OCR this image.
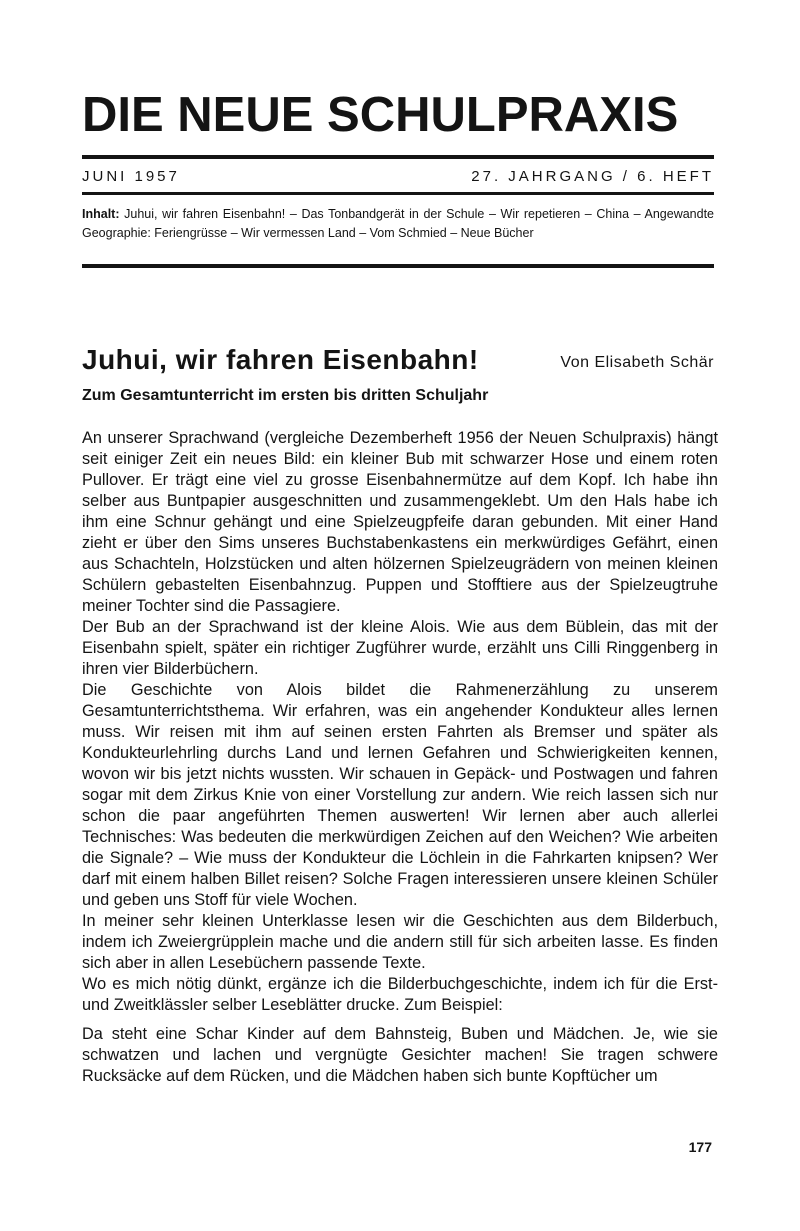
DIE NEUE SCHULPRAXIS
JUNI 1957	27. JAHRGANG / 6. HEFT
Inhalt: Juhui, wir fahren Eisenbahn! – Das Tonbandgerät in der Schule – Wir repetieren – China – Angewandte Geographie: Feriengrüsse – Wir vermessen Land – Vom Schmied – Neue Bücher
Juhui, wir fahren Eisenbahn!	Von Elisabeth Schär
Zum Gesamtunterricht im ersten bis dritten Schuljahr

An unserer Sprachwand (vergleiche Dezemberheft 1956 der Neuen Schulpraxis) hängt seit einiger Zeit ein neues Bild: ein kleiner Bub mit schwarzer Hose und einem roten Pullover. Er trägt eine viel zu grosse Eisenbahnermütze auf dem Kopf. Ich habe ihn selber aus Buntpapier ausgeschnitten und zusammengeklebt. Um den Hals habe ich ihm eine Schnur gehängt und eine Spielzeugpfeife daran gebunden. Mit einer Hand zieht er über den Sims unseres Buchstabenkastens ein merkwürdiges Gefährt, einen aus Schachteln, Holzstücken und alten hölzernen Spielzeugrädern von meinen kleinen Schülern gebastelten Eisenbahnzug. Puppen und Stofftiere aus der Spielzeugtruhe meiner Tochter sind die Passagiere.

Der Bub an der Sprachwand ist der kleine Alois. Wie aus dem Büblein, das mit der Eisenbahn spielt, später ein richtiger Zugführer wurde, erzählt uns Cilli Ringgenberg in ihren vier Bilderbüchern.

Die Geschichte von Alois bildet die Rahmenerzählung zu unserem Gesamtunterrichtsthema. Wir erfahren, was ein angehender Kondukteur alles lernen muss. Wir reisen mit ihm auf seinen ersten Fahrten als Bremser und später als Kondukteurlehrling durchs Land und lernen Gefahren und Schwierigkeiten kennen, wovon wir bis jetzt nichts wussten. Wir schauen in Gepäck- und Postwagen und fahren sogar mit dem Zirkus Knie von einer Vorstellung zur andern. Wie reich lassen sich nur schon die paar angeführten Themen auswerten! Wir lernen aber auch allerlei Technisches: Was bedeuten die merkwürdigen Zeichen auf den Weichen? Wie arbeiten die Signale? – Wie muss der Kondukteur die Löchlein in die Fahrkarten knipsen? Wer darf mit einem halben Billet reisen? Solche Fragen interessieren unsere kleinen Schüler und geben uns Stoff für viele Wochen.

In meiner sehr kleinen Unterklasse lesen wir die Geschichten aus dem Bilderbuch, indem ich Zweiergrüpplein mache und die andern still für sich arbeiten lasse. Es finden sich aber in allen Lesebüchern passende Texte.

Wo es mich nötig dünkt, ergänze ich die Bilderbuchgeschichte, indem ich für die Erst- und Zweitklässler selber Leseblätter drucke. Zum Beispiel:

Da steht eine Schar Kinder auf dem Bahnsteig, Buben und Mädchen. Je, wie sie schwatzen und lachen und vergnügte Gesichter machen! Sie tragen schwere Rucksäcke auf dem Rücken, und die Mädchen haben sich bunte Kopftücher um

177
